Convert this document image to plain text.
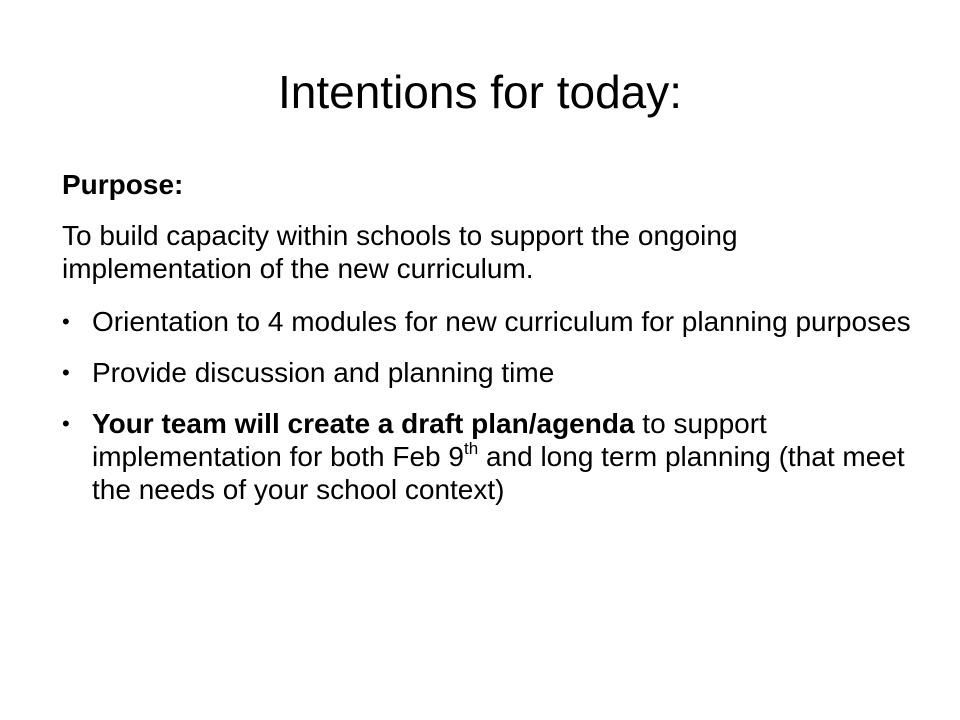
Intentions for today:

Purpose:

To build capacity within schools to support the ongoing implementation of the new curriculum.

• Orientation to 4 modules for new curriculum for planning purposes
• Provide discussion and planning time
• Your team will create a draft plan/agenda to support implementation for both Feb 9th and long term planning (that meet the needs of your school context)
